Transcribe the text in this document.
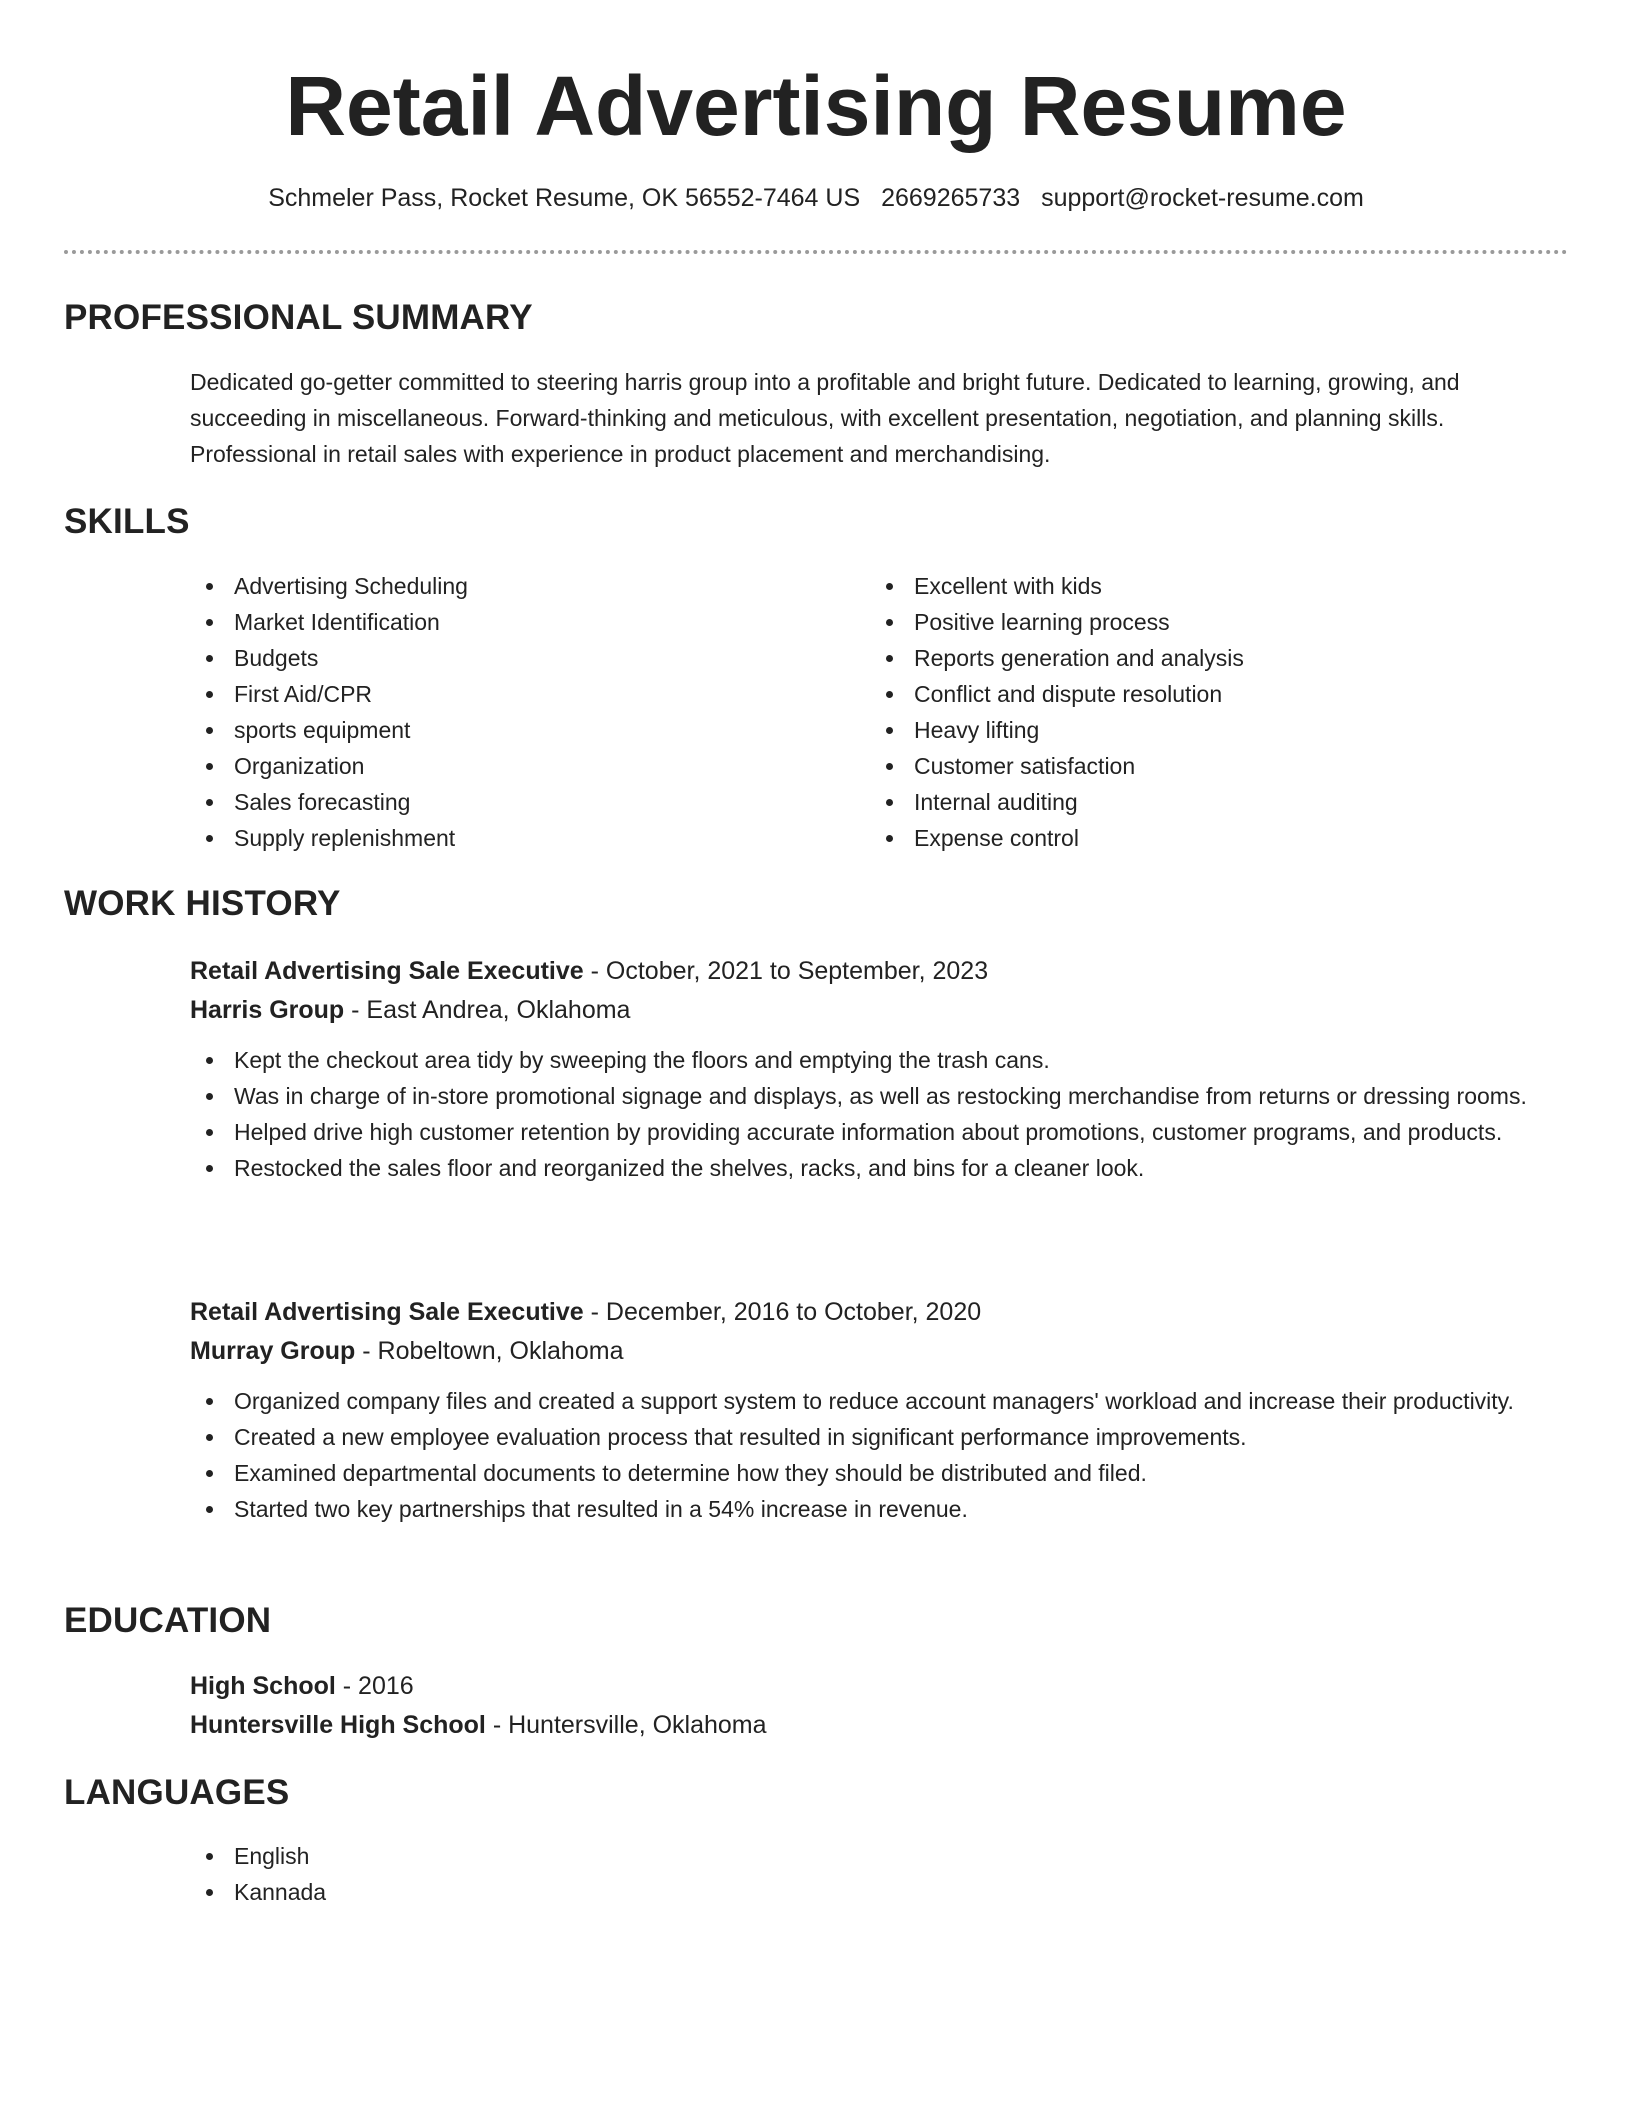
Retail Advertising Resume
Schmeler Pass, Rocket Resume, OK 56552-7464 US 2669265733 support@rocket-resume.com
PROFESSIONAL SUMMARY

Dedicated go-getter committed to steering harris group into a profitable and bright future. Dedicated to learning, growing, and succeeding in miscellaneous. Forward-thinking and meticulous, with excellent presentation, negotiation, and planning skills. Professional in retail sales with experience in product placement and merchandising.

SKILLS
Advertising Scheduling
Market Identification
Budgets
First Aid/CPR
sports equipment
Organization
Sales forecasting
Supply replenishment
Excellent with kids
Positive learning process
Reports generation and analysis
Conflict and dispute resolution
Heavy lifting
Customer satisfaction
Internal auditing
Expense control
WORK HISTORY
Retail Advertising Sale Executive - October, 2021 to September, 2023
Harris Group - East Andrea, Oklahoma
Kept the checkout area tidy by sweeping the floors and emptying the trash cans.
Was in charge of in-store promotional signage and displays, as well as restocking merchandise from returns or dressing rooms.
Helped drive high customer retention by providing accurate information about promotions, customer programs, and products.
Restocked the sales floor and reorganized the shelves, racks, and bins for a cleaner look.
Retail Advertising Sale Executive - December, 2016 to October, 2020
Murray Group - Robeltown, Oklahoma
Organized company files and created a support system to reduce account managers' workload and increase their productivity.
Created a new employee evaluation process that resulted in significant performance improvements.
Examined departmental documents to determine how they should be distributed and filed.
Started two key partnerships that resulted in a 54% increase in revenue.
EDUCATION
High School - 2016
Huntersville High School - Huntersville, Oklahoma
LANGUAGES
English
Kannada
